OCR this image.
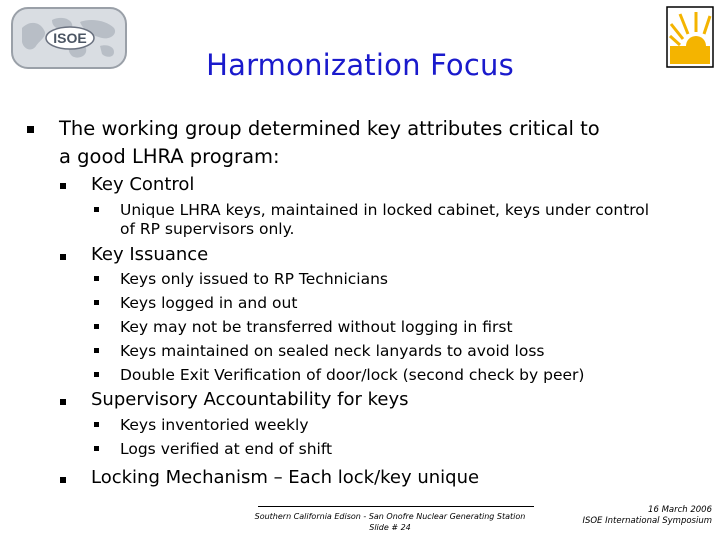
ISOE
Harmonization Focus
The working group determined key attributes critical to
a good LHRA program:
Key Control
Unique LHRA keys, maintained in locked cabinet, keys under control
of RP supervisors only.
Key Issuance
Keys only issued to RP Technicians
Keys logged in and out
Key may not be transferred without logging in first
Keys maintained on sealed neck lanyards to avoid loss
Double Exit Verification of door/lock (second check by peer)
Supervisory Accountability for keys
Keys inventoried weekly
Logs verified at end of shift
Locking Mechanism – Each lock/key unique
Southern California Edison - San Onofre Nuclear Generating Station
Slide # 24
16 March 2006
ISOE International Symposium
